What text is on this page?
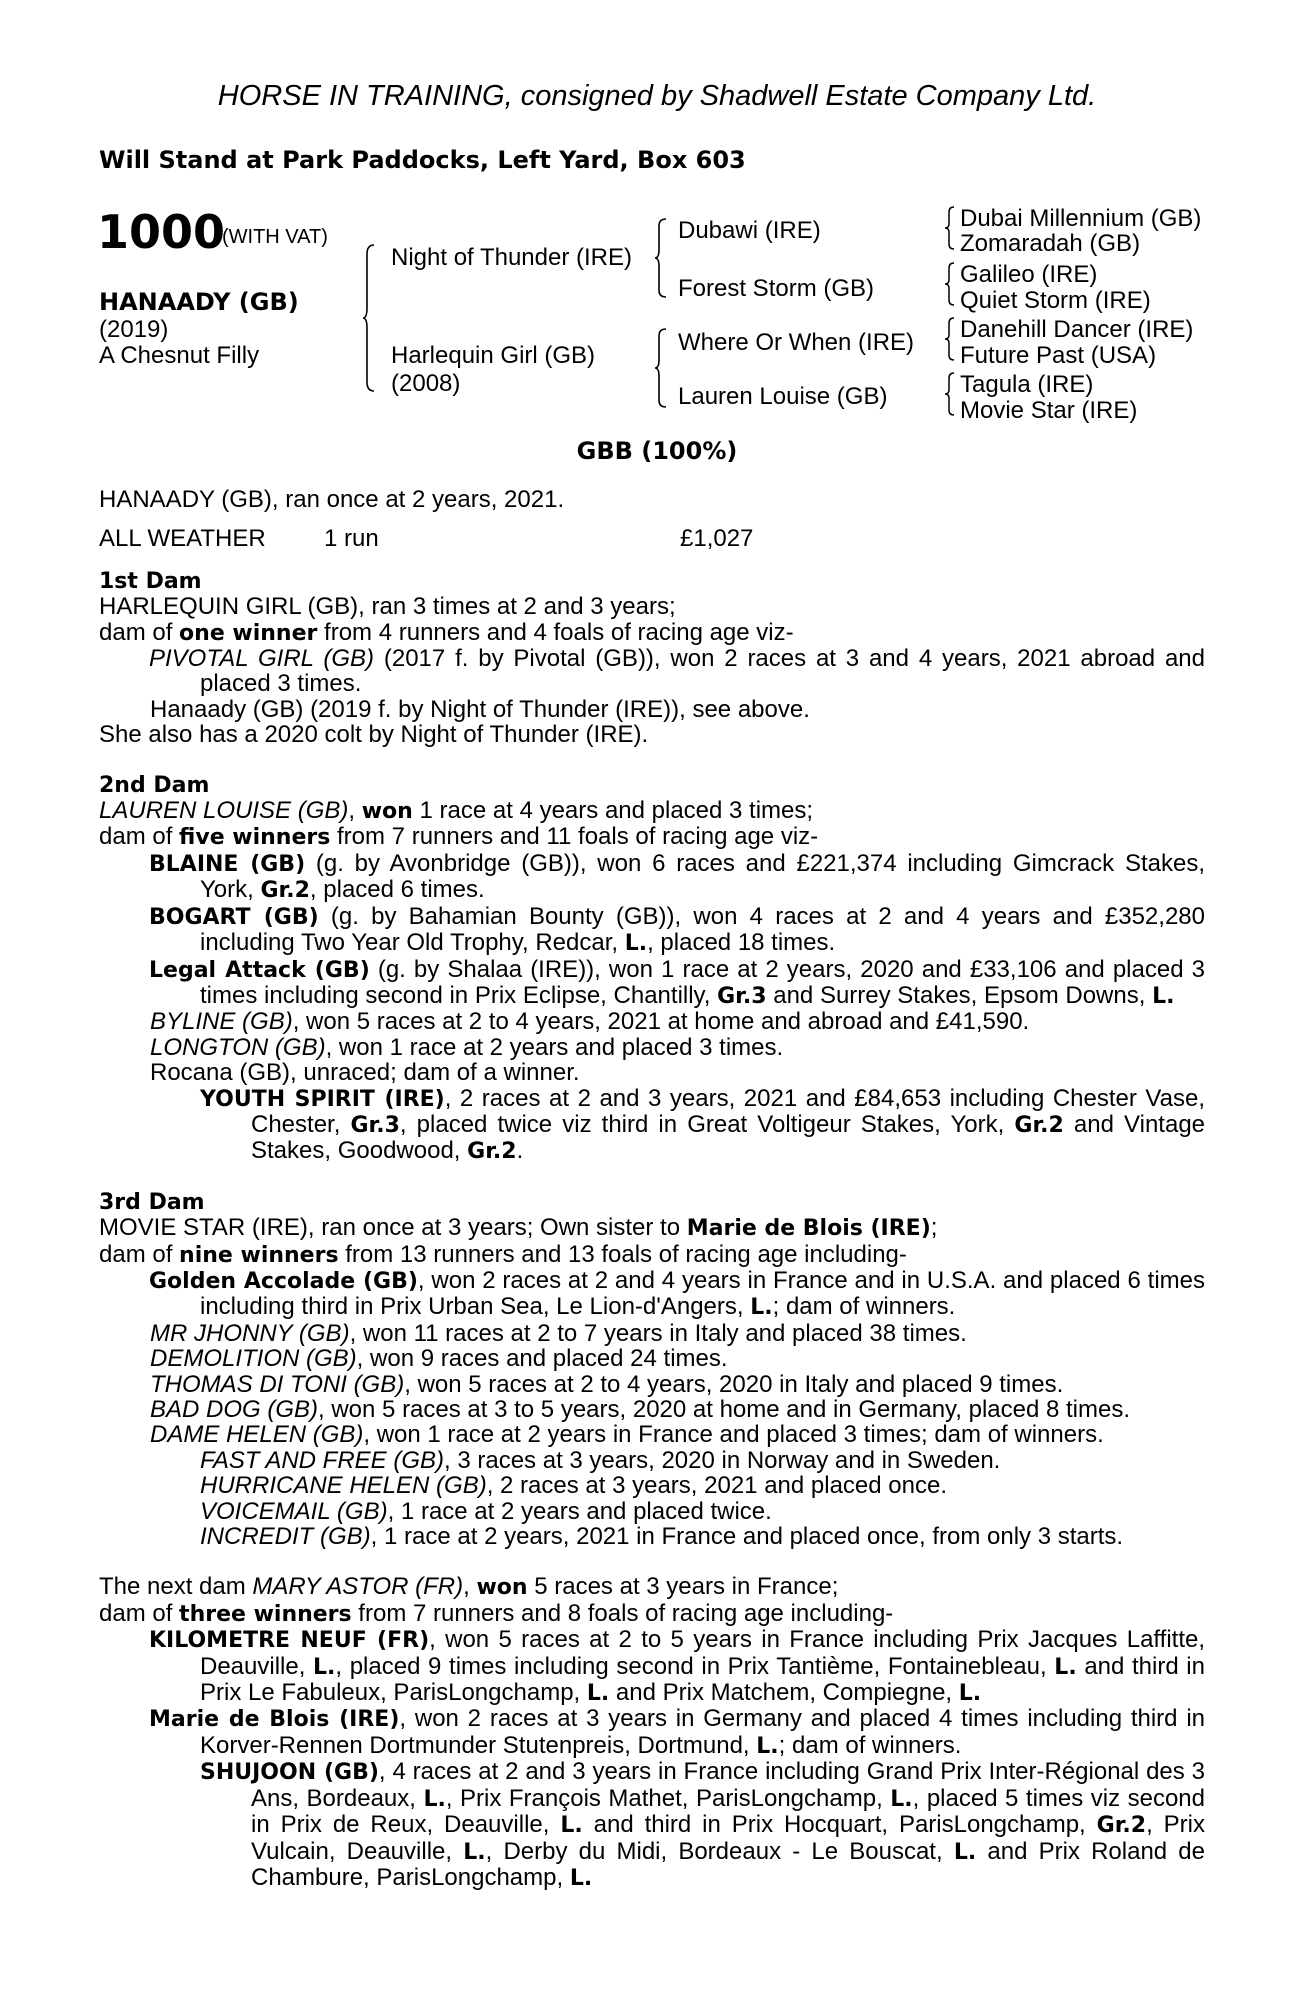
HORSE IN TRAINING, consigned by Shadwell Estate Company Ltd.
Will Stand at Park Paddocks, Left Yard, Box 603
1000
(WITH VAT)
HANAADY (GB)
(2019)
A Chesnut Filly
Night of Thunder (IRE)
Harlequin Girl (GB)
(2008)
Dubawi (IRE)
Forest Storm (GB)
Where Or When (IRE)
Lauren Louise (GB)
Dubai Millennium (GB)
Zomaradah (GB)
Galileo (IRE)
Quiet Storm (IRE)
Danehill Dancer (IRE)
Future Past (USA)
Tagula (IRE)
Movie Star (IRE)
GBB (100%)

HANAADY (GB), ran once at 2 years, 2021.

ALL WEATHER	1 run	£1,027

1st Dam

HARLEQUIN GIRL (GB), ran 3 times at 2 and 3 years;

dam of one winner from 4 runners and 4 foals of racing age viz-

PIVOTAL GIRL (GB) (2017 f. by Pivotal (GB)), won 2 races at 3 and 4 years, 2021 abroad and placed 3 times.

Hanaady (GB) (2019 f. by Night of Thunder (IRE)), see above.

She also has a 2020 colt by Night of Thunder (IRE).

2nd Dam

LAUREN LOUISE (GB), won 1 race at 4 years and placed 3 times;

dam of five winners from 7 runners and 11 foals of racing age viz-

BLAINE (GB) (g. by Avonbridge (GB)), won 6 races and £221,374 including Gimcrack Stakes, York, Gr.2, placed 6 times.

BOGART (GB) (g. by Bahamian Bounty (GB)), won 4 races at 2 and 4 years and £352,280 including Two Year Old Trophy, Redcar, L., placed 18 times.

Legal Attack (GB) (g. by Shalaa (IRE)), won 1 race at 2 years, 2020 and £33,106 and placed 3 times including second in Prix Eclipse, Chantilly, Gr.3 and Surrey Stakes, Epsom Downs, L.

BYLINE (GB), won 5 races at 2 to 4 years, 2021 at home and abroad and £41,590.

LONGTON (GB), won 1 race at 2 years and placed 3 times.

Rocana (GB), unraced; dam of a winner.

YOUTH SPIRIT (IRE), 2 races at 2 and 3 years, 2021 and £84,653 including Chester Vase, Chester, Gr.3, placed twice viz third in Great Voltigeur Stakes, York, Gr.2 and Vintage Stakes, Goodwood, Gr.2.

3rd Dam

MOVIE STAR (IRE), ran once at 3 years; Own sister to Marie de Blois (IRE);

dam of nine winners from 13 runners and 13 foals of racing age including-

Golden Accolade (GB), won 2 races at 2 and 4 years in France and in U.S.A. and placed 6 times including third in Prix Urban Sea, Le Lion-d'Angers, L.; dam of winners.

MR JHONNY (GB), won 11 races at 2 to 7 years in Italy and placed 38 times.

DEMOLITION (GB), won 9 races and placed 24 times.

THOMAS DI TONI (GB), won 5 races at 2 to 4 years, 2020 in Italy and placed 9 times.

BAD DOG (GB), won 5 races at 3 to 5 years, 2020 at home and in Germany, placed 8 times.

DAME HELEN (GB), won 1 race at 2 years in France and placed 3 times; dam of winners.

FAST AND FREE (GB), 3 races at 3 years, 2020 in Norway and in Sweden.

HURRICANE HELEN (GB), 2 races at 3 years, 2021 and placed once.

VOICEMAIL (GB), 1 race at 2 years and placed twice.

INCREDIT (GB), 1 race at 2 years, 2021 in France and placed once, from only 3 starts.

The next dam MARY ASTOR (FR), won 5 races at 3 years in France;

dam of three winners from 7 runners and 8 foals of racing age including-

KILOMETRE NEUF (FR), won 5 races at 2 to 5 years in France including Prix Jacques Laffitte, Deauville, L., placed 9 times including second in Prix Tantième, Fontainebleau, L. and third in Prix Le Fabuleux, ParisLongchamp, L. and Prix Matchem, Compiegne, L.

Marie de Blois (IRE), won 2 races at 3 years in Germany and placed 4 times including third in Korver-Rennen Dortmunder Stutenpreis, Dortmund, L.; dam of winners.

SHUJOON (GB), 4 races at 2 and 3 years in France including Grand Prix Inter-Régional des 3 Ans, Bordeaux, L., Prix François Mathet, ParisLongchamp, L., placed 5 times viz second in Prix de Reux, Deauville, L. and third in Prix Hocquart, ParisLongchamp, Gr.2, Prix Vulcain, Deauville, L., Derby du Midi, Bordeaux - Le Bouscat, L. and Prix Roland de Chambure, ParisLongchamp, L.
